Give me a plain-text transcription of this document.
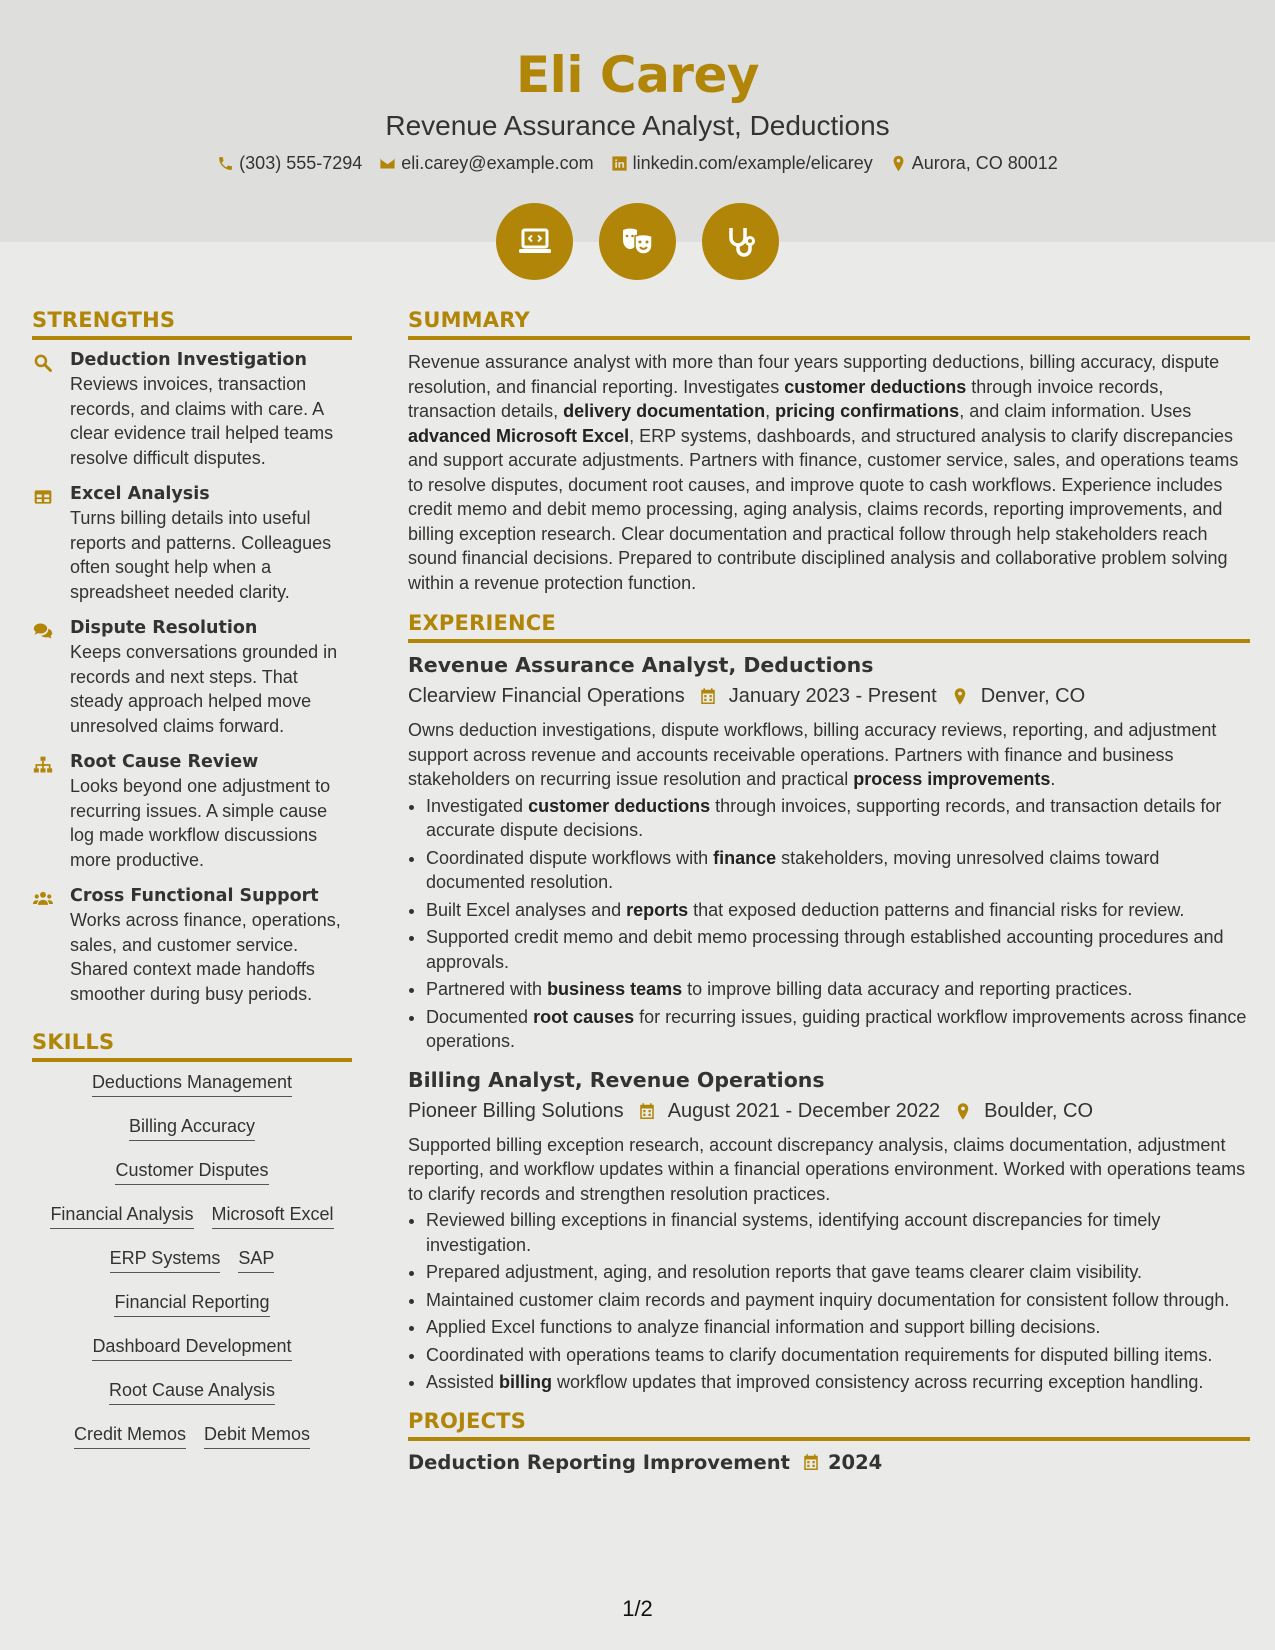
Eli Carey
Revenue Assurance Analyst, Deductions
(303) 555-7294 eli.carey@example.com linkedin.com/example/elicarey Aurora, CO 80012
STRENGTHS
Deduction Investigation
Reviews invoices, transaction records, and claims with care. A clear evidence trail helped teams resolve difficult disputes.
Excel Analysis
Turns billing details into useful reports and patterns. Colleagues often sought help when a spreadsheet needed clarity.
Dispute Resolution
Keeps conversations grounded in records and next steps. That steady approach helped move unresolved claims forward.
Root Cause Review
Looks beyond one adjustment to recurring issues. A simple cause log made workflow discussions more productive.
Cross Functional Support
Works across finance, operations, sales, and customer service. Shared context made handoffs smoother during busy periods.
SKILLS
Deductions Management
Billing Accuracy
Customer Disputes
Financial Analysis Microsoft Excel
ERP Systems SAP
Financial Reporting
Dashboard Development
Root Cause Analysis
Credit Memos Debit Memos
SUMMARY

Revenue assurance analyst with more than four years supporting deductions, billing accuracy, dispute resolution, and financial reporting. Investigates customer deductions through invoice records, transaction details, delivery documentation, pricing confirmations, and claim information. Uses advanced Microsoft Excel, ERP systems, dashboards, and structured analysis to clarify discrepancies and support accurate adjustments. Partners with finance, customer service, sales, and operations teams to resolve disputes, document root causes, and improve quote to cash workflows. Experience includes credit memo and debit memo processing, aging analysis, claims records, reporting improvements, and billing exception research. Clear documentation and practical follow through help stakeholders reach sound financial decisions. Prepared to contribute disciplined analysis and collaborative problem solving within a revenue protection function.

EXPERIENCE
Revenue Assurance Analyst, Deductions
Clearview Financial Operations January 2023 - Present Denver, CO

Owns deduction investigations, dispute workflows, billing accuracy reviews, reporting, and adjustment support across revenue and accounts receivable operations. Partners with finance and business stakeholders on recurring issue resolution and practical process improvements.

• Investigated customer deductions through invoices, supporting records, and transaction details for accurate dispute decisions.
• Coordinated dispute workflows with finance stakeholders, moving unresolved claims toward documented resolution.
• Built Excel analyses and reports that exposed deduction patterns and financial risks for review.
• Supported credit memo and debit memo processing through established accounting procedures and approvals.
• Partnered with business teams to improve billing data accuracy and reporting practices.
• Documented root causes for recurring issues, guiding practical workflow improvements across finance operations.
Billing Analyst, Revenue Operations
Pioneer Billing Solutions August 2021 - December 2022 Boulder, CO

Supported billing exception research, account discrepancy analysis, claims documentation, adjustment reporting, and workflow updates within a financial operations environment. Worked with operations teams to clarify records and strengthen resolution practices.

• Reviewed billing exceptions in financial systems, identifying account discrepancies for timely investigation.
• Prepared adjustment, aging, and resolution reports that gave teams clearer claim visibility.
• Maintained customer claim records and payment inquiry documentation for consistent follow through.
• Applied Excel functions to analyze financial information and support billing decisions.
• Coordinated with operations teams to clarify documentation requirements for disputed billing items.
• Assisted billing workflow updates that improved consistency across recurring exception handling.
PROJECTS
Deduction Reporting Improvement 2024
1/2
